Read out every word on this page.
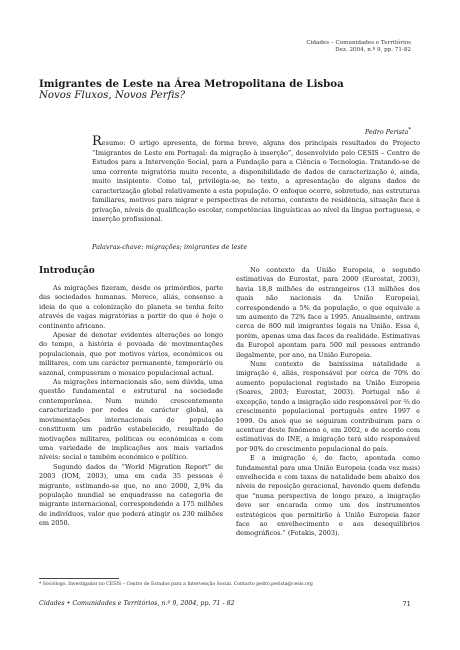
Cidades – Comunidades e Territórios
Dez. 2004, n.º 9, pp. 71-82
Imigrantes de Leste na Área Metropolitana de Lisboa
Novos Fluxos, Novos Perfis?
Pedro Perista*
Resumo: O artigo apresenta, de forma breve, alguns dos principais resultados do Projecto “Imigrantes de Leste em Portugal: da migração à inserção”, desenvolvido pelo CESIS – Centro de Estudos para a Intervenção Social, para a Fundação para a Ciência e Tecnologia. Tratando-se de uma corrente migratória muito recente, a disponibilidade de dados de caracterização é, ainda, muito insipiente. Como tal, privilegia-se, no texto, a apresentação de alguns dados de caracterização global relativamente a esta população. O enfoque ocorre, sobretudo, nas estruturas familiares, motivos para migrar e perspectivas de retorno, contexto de residência, situação face à privação, níveis de qualificação escolar, competências linguísticas ao nível da língua portuguesa, e inserção profissional.
Palavras-chave: migrações; imigrantes de leste
Introdução

As migrações fizeram, desde os primórdios, parte das sociedades humanas. Merece, aliás, consenso a ideia de que a colonização do planeta se tenha feito através de vagas migratórias a partir do que é hoje o continente africano.

Apesar de denotar evidentes alterações ao longo do tempo, a história é povoada de movimentações populacionais, que por motivos vários, económicos ou militares, com um carácter permanente, temporário ou sazonal, compuseram o mosaico populacional actual.

As migrações internacionais são, sem dúvida, uma questão fundamental e estrutural na sociedade contemporânea. Num mundo crescentemente caracterizado por redes de carácter global, as movimentações internacionais de população constituem um padrão estabelecido, resultado de motivações militares, políticas ou económicas e com uma variedade de implicações aos mais variados níveis: social e também económico e político.

Segundo dados do “World Migration Report” de 2003 (IOM, 2003), uma em cada 35 pessoas é migrante, estimando-se que, no ano 2000, 2,9% da população mundial se enquadrasse na categoria de migrante internacional, correspondendo a 175 milhões de indivíduos, valor que poderá atingir os 230 milhões em 2050.

No contexto da União Europeia, e segundo estimativas do Eurostat, para 2000 (Eurostat, 2003), havia 18,8 milhões de estrangeiros (13 milhões dos quais não nacionais da União Europeia), correspondendo a 5% da população, o que equivale a um aumento de 72% face a 1995. Anualmente, entram cerca de 800 mil imigrantes legais na União. Essa é, porém, apenas uma das faces da realidade. Estimativas da Europol apontam para 500 mil pessoas entrando ilegalmente, por ano, na União Europeia.

Num contexto de baixíssima natalidade a imigração é, aliás, responsável por cerca de 70% do aumento populacional registado na União Europeia (Soares, 2003; Eurostat, 2003). Portugal não é excepção, tendo a imigração sido responsável por ⅔ do crescimento populacional português entre 1997 e 1999. Os anos que se seguiram contribuíram para o acentuar deste fenómeno e, em 2002, e de acordo com estimativas do INE, a imigração terá sido responsável por 90% do crescimento populacional do país.

E a imigração é, de facto, apontada como fundamental para uma União Europeia (cada vez mais) envelhecida e com taxas de natalidade bem abaixo dos níveis de reposição geracional, havendo quem defenda que “numa perspectiva de longo prazo, a imigração deve ser encarada como um dos instrumentos estratégicos que permitirão à União Europeia fazer face ao envelhecimento e aos desequilíbrios demográficos.” (Fotakis, 2003).

* Sociólogo. Investigador no CESIS – Centro de Estudos para a Intervenção Social. Contacto pedro.perista@cesis.org
Cidades • Comunidades e Territórios, n.º 9, 2004, pp. 71 - 82	71
